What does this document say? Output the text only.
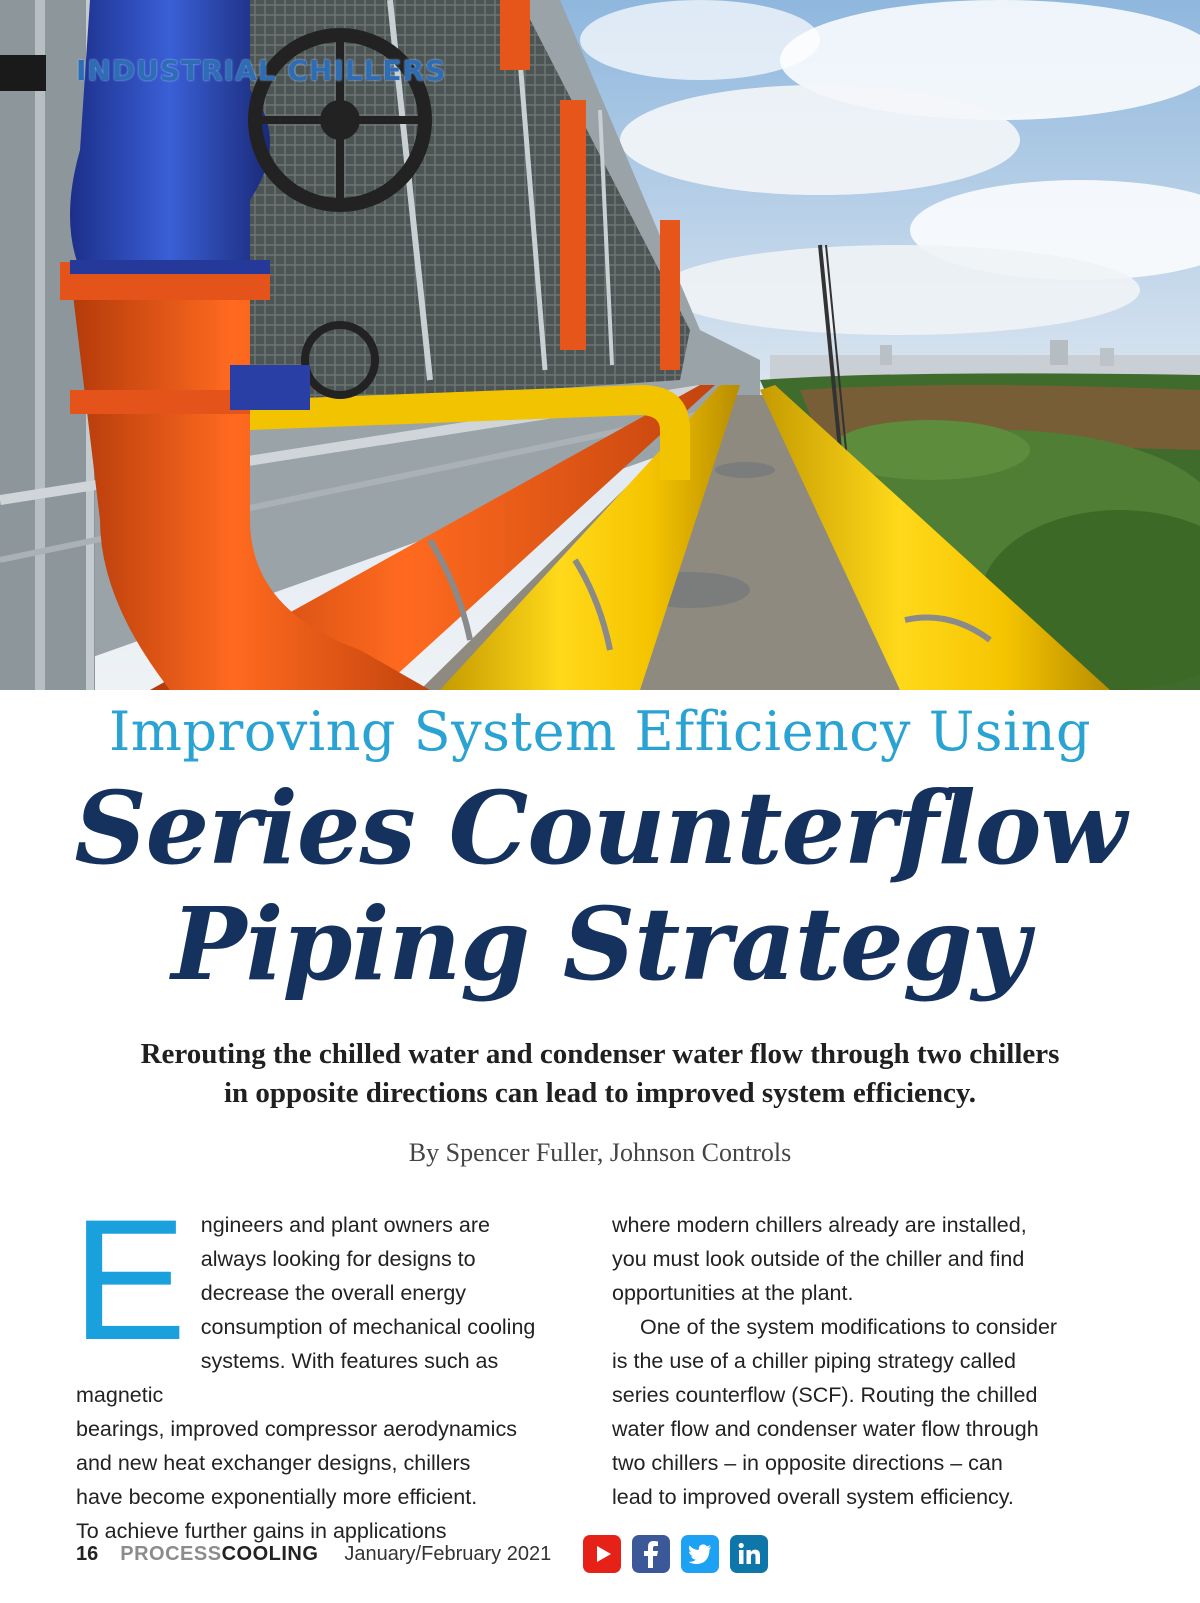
INDUSTRIAL CHILLERS
Improving System Efficiency Using
Series Counterflow
Piping Strategy
Rerouting the chilled water and condenser water flow through two chillers
in opposite directions can lead to improved system efficiency.
By Spencer Fuller, Johnson Controls
E ngineers and plant owners are

always looking for designs to

decrease the overall energy

consumption of mechanical cooling

systems. With features such as magnetic

bearings, improved compressor aerodynamics

and new heat exchanger designs, chillers

have become exponentially more efficient.

To achieve further gains in applications

where modern chillers already are installed,

you must look outside of the chiller and find

opportunities at the plant.

One of the system modifications to consider

is the use of a chiller piping strategy called

series counterflow (SCF). Routing the chilled

water flow and condenser water flow through

two chillers – in opposite directions – can

lead to improved overall system efficiency.

16 PROCESS COOLING January/February 2021
